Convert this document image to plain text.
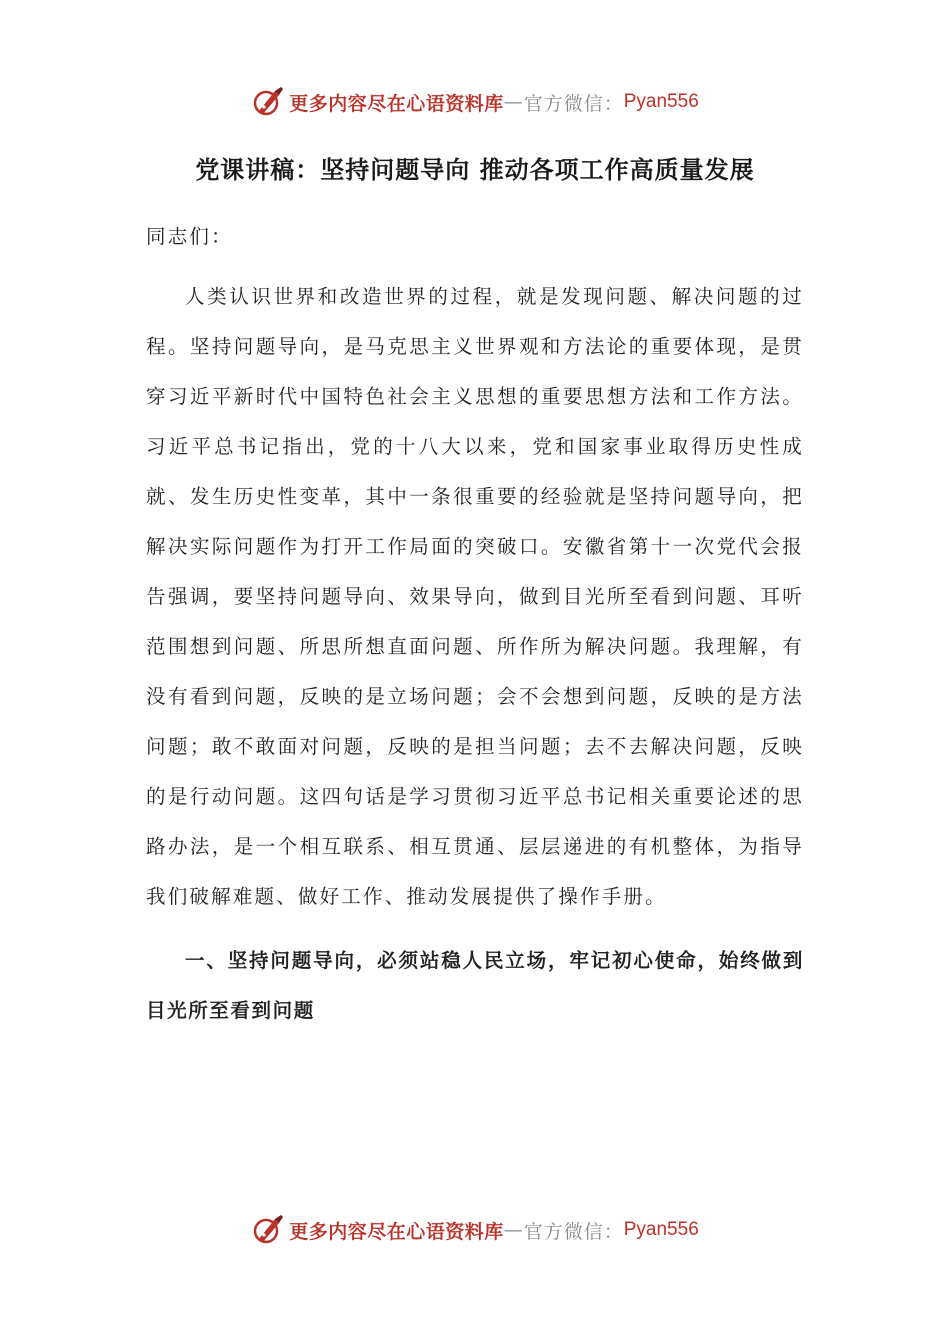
更多内容尽在心语资料库 — 官方微信： Pyan556
党课讲稿：坚持问题导向 推动各项工作高质量发展

同志们：

人类认识世界和改造世界的过程，就是发现问题、解决问题的过程。坚持问题导向，是马克思主义世界观和方法论的重要体现，是贯穿习近平新时代中国特色社会主义思想的重要思想方法和工作方法。习近平总书记指出，党的十八大以来，党和国家事业取得历史性成就、发生历史性变革，其中一条很重要的经验就是坚持问题导向，把解决实际问题作为打开工作局面的突破口。安徽省第十一次党代会报告强调，要坚持问题导向、效果导向，做到目光所至看到问题、耳听范围想到问题、所思所想直面问题、所作所为解决问题。我理解，有没有看到问题，反映的是立场问题；会不会想到问题，反映的是方法问题；敢不敢面对问题，反映的是担当问题；去不去解决问题，反映的是行动问题。这四句话是学习贯彻习近平总书记相关重要论述的思路办法，是一个相互联系、相互贯通、层层递进的有机整体，为指导我们破解难题、做好工作、推动发展提供了操作手册。

一、坚持问题导向，必须站稳人民立场，牢记初心使命，始终做到目光所至看到问题

更多内容尽在心语资料库 — 官方微信： Pyan556
